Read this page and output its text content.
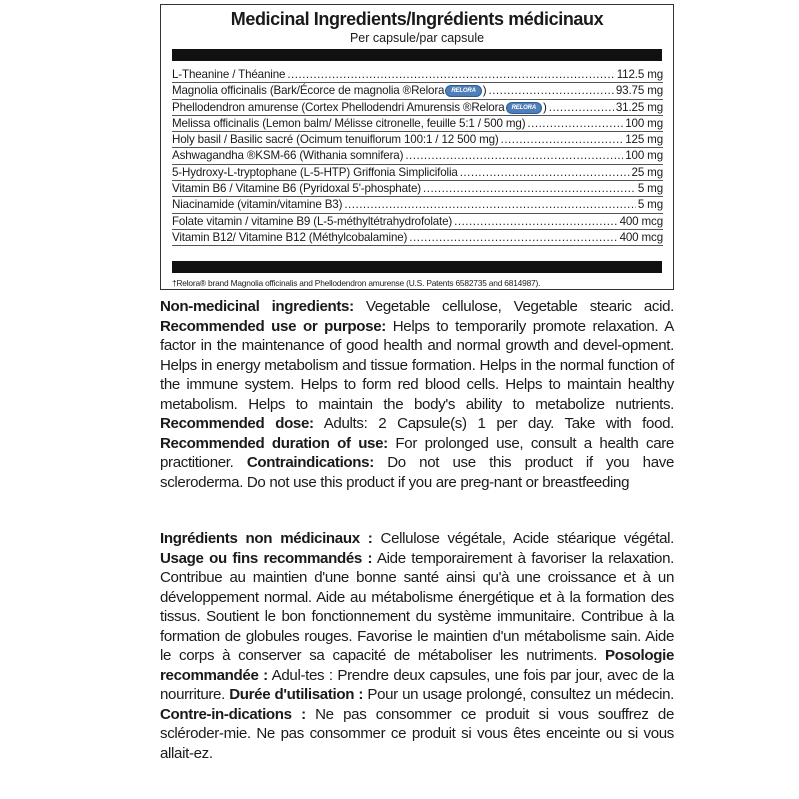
Medicinal Ingredients/Ingrédients médicinaux
Per capsule/par capsule
L-Theanine / Théanine .....	112.5 mg
Magnolia officinalis (Bark/Écorce de magnolia ®Relora	RELORA ) .....	93.75 mg
Phellodendron amurense (Cortex Phellodendri Amurensis ®Relora	RELORA ) .....	31.25 mg
Melissa officinalis (Lemon balm/ Mélisse citronelle, feuille 5:1 / 500 mg) .....	100 mg
Holy basil / Basilic sacré (Ocimum tenuiflorum 100:1 / 12 500 mg) .....	125 mg
Ashwagandha ®KSM-66 (Withania somnifera) .....	100 mg
5-Hydroxy-L-tryptophane (L-5-HTP) Griffonia Simplicifolia .....	25 mg
Vitamin B6 / Vitamine B6 (Pyridoxal 5'-phosphate) .....	5 mg
Niacinamide (vitamin/vitamine B3) .....	5 mg
Folate vitamin / vitamine B9 (L-5-méthyltétrahydrofolate) .....	400 mcg
Vitamin B12/ Vitamine B12 (Méthylcobalamine) .....	400 mcg
†Relora® brand Magnolia officinalis and Phellodendron amurense (U.S. Patents 6582735 and 6814987).
Non-medicinal ingredients: Vegetable cellulose, Vegetable stearic acid. Recommended use or purpose: Helps to temporarily promote relaxation. A factor in the maintenance of good health and normal growth and devel-opment. Helps in energy metabolism and tissue formation. Helps in the normal function of the immune system. Helps to form red blood cells. Helps to maintain healthy metabolism. Helps to maintain the body's ability to metabolize nutrients. Recommended dose: Adults: 2 Capsule(s) 1 per day. Take with food. Recommended duration of use: For prolonged use, consult a health care practitioner. Contraindications: Do not use this product if you have scleroderma. Do not use this product if you are preg-nant or breastfeeding
Ingrédients non médicinaux : Cellulose végétale, Acide stéarique végétal. Usage ou fins recommandés : Aide temporairement à favoriser la relaxation. Contribue au maintien d'une bonne santé ainsi qu'à une croissance et à un développement normal. Aide au métabolisme énergétique et à la formation des tissus. Soutient le bon fonctionnement du système immunitaire. Contribue à la formation de globules rouges. Favorise le maintien d'un métabolisme sain. Aide le corps à conserver sa capacité de métaboliser les nutriments. Posologie recommandée : Adul-tes : Prendre deux capsules, une fois par jour, avec de la nourriture. Durée d'utilisation : Pour un usage prolongé, consultez un médecin. Contre-in-dications : Ne pas consommer ce produit si vous souffrez de scléroder-mie. Ne pas consommer ce produit si vous êtes enceinte ou si vous allait-ez.
